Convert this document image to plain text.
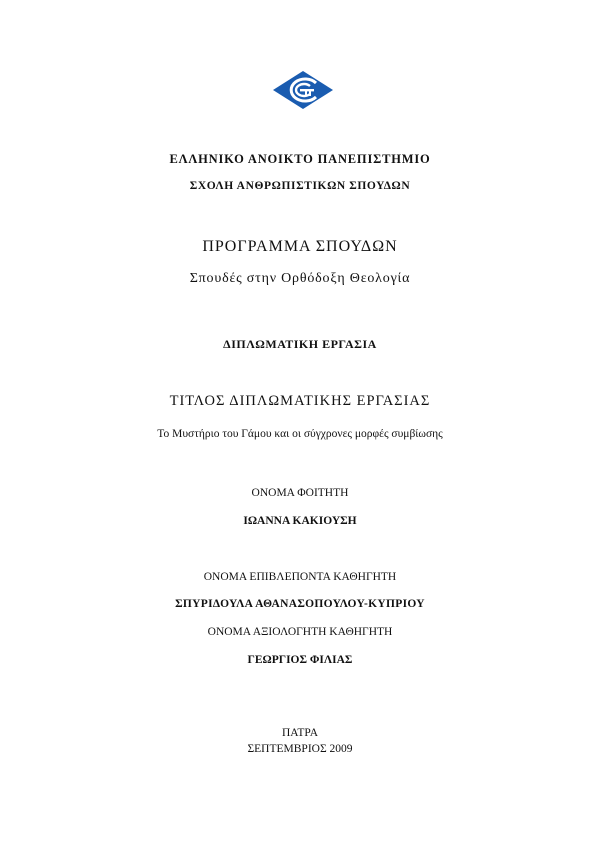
ΕΛΛΗΝΙΚΟ ΑΝΟΙΚΤΟ ΠΑΝΕΠΙΣΤΗΜΙΟ
ΣΧΟΛΗ ΑΝΘΡΩΠΙΣΤΙΚΩΝ ΣΠΟΥΔΩΝ
ΠΡΟΓΡΑΜΜΑ ΣΠΟΥΔΩΝ
Σπουδές στην Ορθόδοξη Θεολογία
ΔΙΠΛΩΜΑΤΙΚΗ ΕΡΓΑΣΙΑ
ΤΙΤΛΟΣ ΔΙΠΛΩΜΑΤΙΚΗΣ ΕΡΓΑΣΙΑΣ
Το Μυστήριο του Γάμου και οι σύγχρονες μορφές συμβίωσης
ΟΝΟΜΑ ΦΟΙΤΗΤΗ
ΙΩΑΝΝΑ ΚΑΚΙΟΥΣΗ
ΟΝΟΜΑ ΕΠΙΒΛΕΠΟΝΤΑ ΚΑΘΗΓΗΤΗ
ΣΠΥΡΙΔΟΥΛΑ ΑΘΑΝΑΣΟΠΟΥΛΟΥ-ΚΥΠΡΙΟΥ
ΟΝΟΜΑ ΑΞΙΟΛΟΓΗΤΗ ΚΑΘΗΓΗΤΗ
ΓΕΩΡΓΙΟΣ ΦΙΛΙΑΣ
ΠΑΤΡΑ
ΣΕΠΤΕΜΒΡΙΟΣ 2009
